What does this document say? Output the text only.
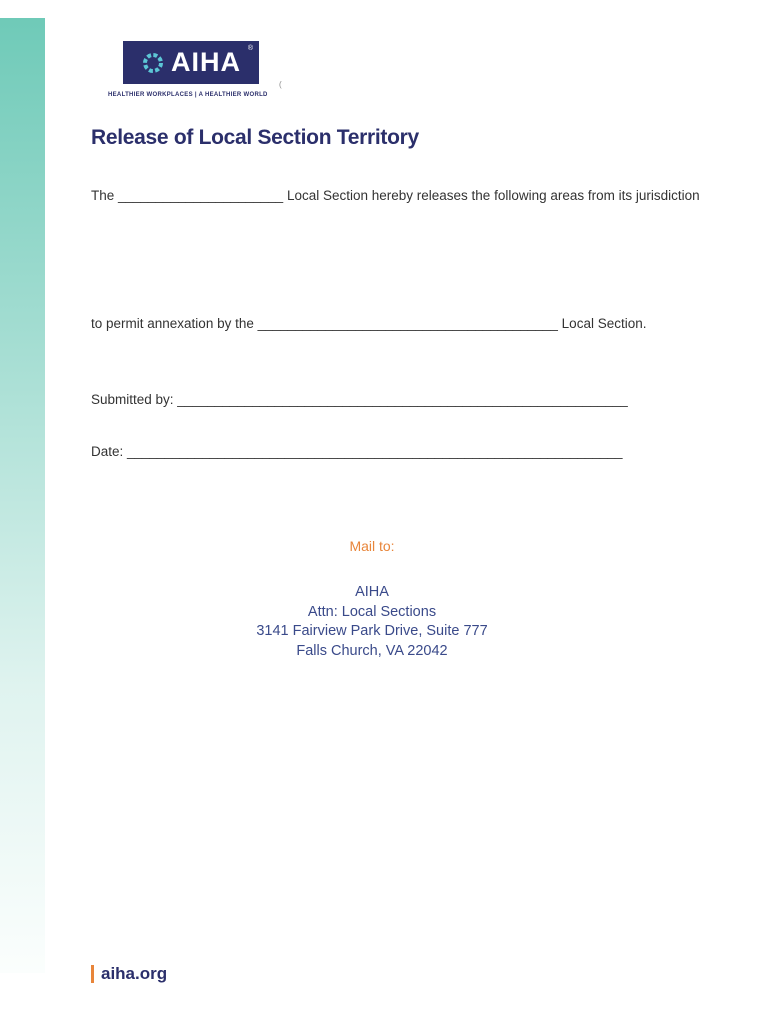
AIHA ®
(
HEALTHIER WORKPLACES | A HEALTHIER WORLD
Release of Local Section Territory
The ______________________ Local Section hereby releases the following areas from its jurisdiction
to permit annexation by the ________________________________________ Local Section.
Submitted by: ____________________________________________________________
Date: __________________________________________________________________
Mail to:
AIHA
Attn: Local Sections
3141 Fairview Park Drive, Suite 777
Falls Church, VA 22042
aiha.org
